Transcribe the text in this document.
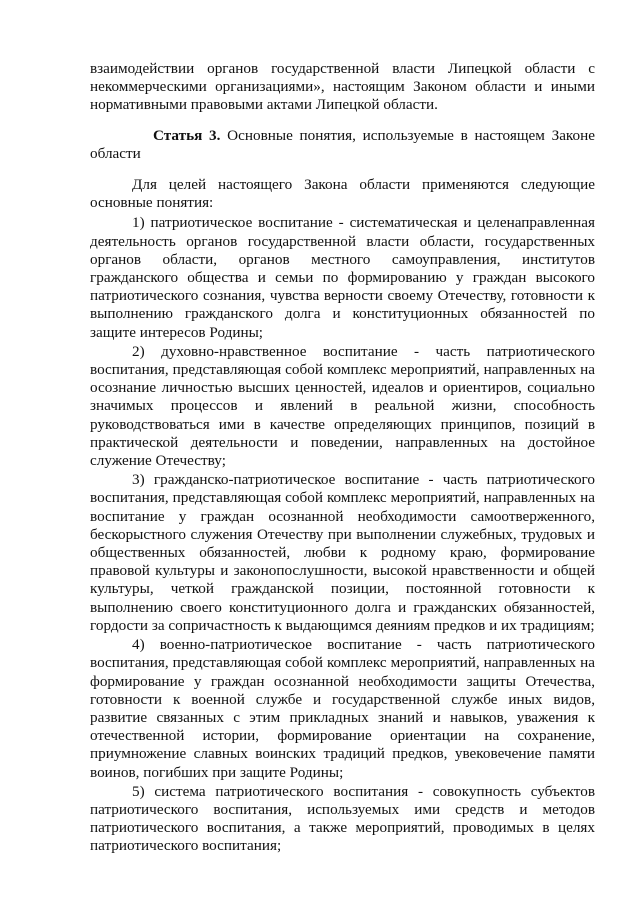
взаимодействии органов государственной власти Липецкой области с некоммерческими организациями», настоящим Законом области и иными нормативными правовыми актами Липецкой области.

Статья 3. Основные понятия, используемые в настоящем Законе области

Для целей настоящего Закона области применяются следующие основные понятия:

1) патриотическое воспитание - систематическая и целенаправленная деятельность органов государственной власти области, государственных органов области, органов местного самоуправления, институтов гражданского общества и семьи по формированию у граждан высокого патриотического сознания, чувства верности своему Отечеству, готовности к выполнению гражданского долга и конституционных обязанностей по защите интересов Родины;

2) духовно-нравственное воспитание - часть патриотического воспитания, представляющая собой комплекс мероприятий, направленных на осознание личностью высших ценностей, идеалов и ориентиров, социально значимых процессов и явлений в реальной жизни, способность руководствоваться ими в качестве определяющих принципов, позиций в практической деятельности и поведении, направленных на достойное служение Отечеству;

3) гражданско-патриотическое воспитание - часть патриотического воспитания, представляющая собой комплекс мероприятий, направленных на воспитание у граждан осознанной необходимости самоотверженного, бескорыстного служения Отечеству при выполнении служебных, трудовых и общественных обязанностей, любви к родному краю, формирование правовой культуры и законопослушности, высокой нравственности и общей культуры, четкой гражданской позиции, постоянной готовности к выполнению своего конституционного долга и гражданских обязанностей, гордости за сопричастность к выдающимся деяниям предков и их традициям;

4) военно-патриотическое воспитание - часть патриотического воспитания, представляющая собой комплекс мероприятий, направленных на формирование у граждан осознанной необходимости защиты Отечества, готовности к военной службе и государственной службе иных видов, развитие связанных с этим прикладных знаний и навыков, уважения к отечественной истории, формирование ориентации на сохранение, приумножение славных воинских традиций предков, увековечение памяти воинов, погибших при защите Родины;

5) система патриотического воспитания - совокупность субъектов патриотического воспитания, используемых ими средств и методов патриотического воспитания, а также мероприятий, проводимых в целях патриотического воспитания;
